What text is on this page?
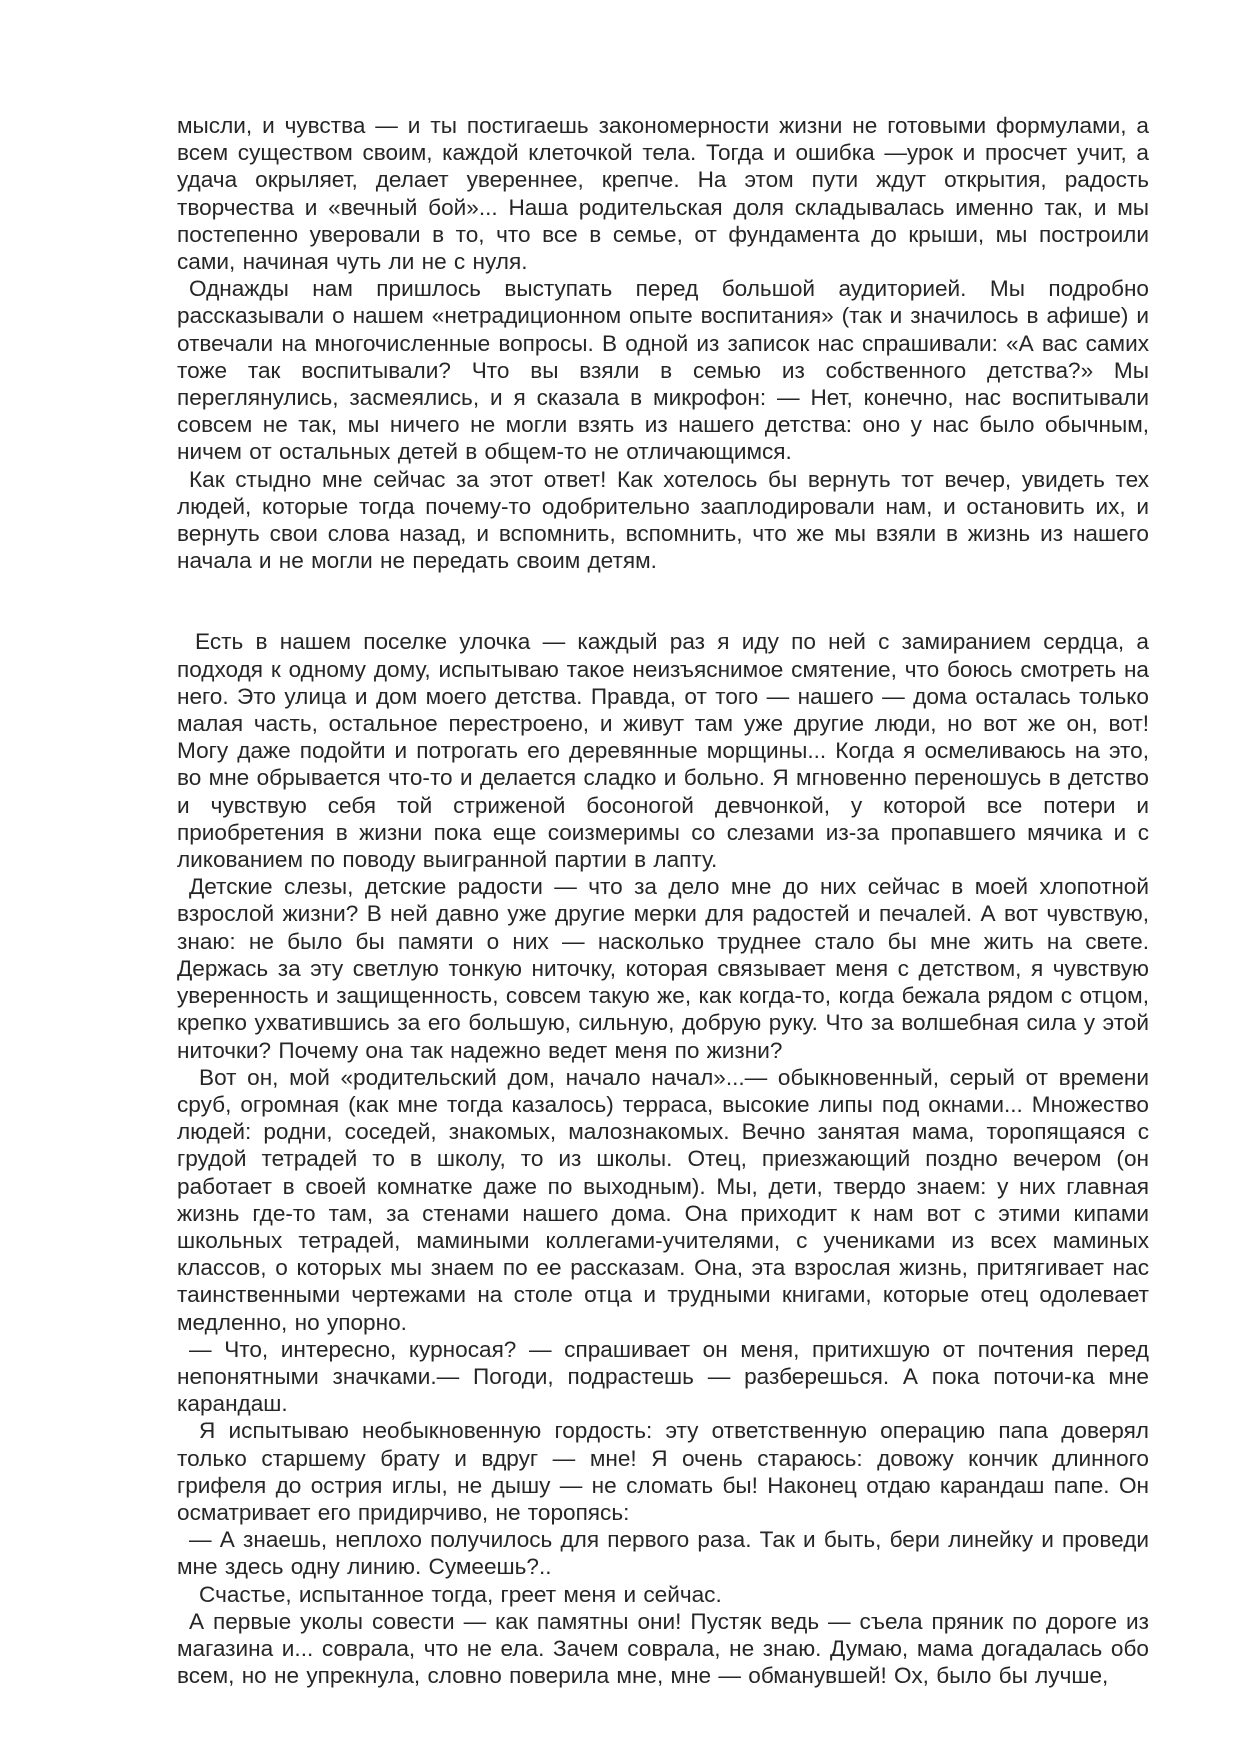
мысли, и чувства — и ты постигаешь закономерности жизни не готовыми формулами, а всем существом своим, каждой клеточкой тела. Тогда и ошибка —урок и просчет учит, а удача окрыляет, делает увереннее, крепче. На этом пути ждут открытия, радость творчества и «вечный бой»... Наша родительская доля складывалась именно так, и мы постепенно уверовали в то, что все в семье, от фундамента до крыши, мы построили сами, начиная чуть ли не с нуля.

Однажды нам пришлось выступать перед большой аудиторией. Мы подробно рассказывали о нашем «нетрадиционном опыте воспитания» (так и значилось в афише) и отвечали на многочисленные вопросы. В одной из записок нас спрашивали: «А вас самих тоже так воспитывали? Что вы взяли в семью из собственного детства?» Мы переглянулись, засмеялись, и я сказала в микрофон: — Нет, конечно, нас воспитывали совсем не так, мы ничего не могли взять из нашего детства: оно у нас было обычным, ничем от остальных детей в общем-то не отличающимся.

Как стыдно мне сейчас за этот ответ! Как хотелось бы вернуть тот вечер, увидеть тех людей, которые тогда почему-то одобрительно зааплодировали нам, и остановить их, и вернуть свои слова назад, и вспомнить, вспомнить, что же мы взяли в жизнь из нашего начала и не могли не передать своим детям.

Есть в нашем поселке улочка — каждый раз я иду по ней с замиранием сердца, а подходя к одному дому, испытываю такое неизъяснимое смятение, что боюсь смотреть на него. Это улица и дом моего детства. Правда, от того — нашего — дома осталась только малая часть, остальное перестроено, и живут там уже другие люди, но вот же он, вот! Могу даже подойти и потрогать его деревянные морщины... Когда я осмеливаюсь на это, во мне обрывается что-то и делается сладко и больно. Я мгновенно переношусь в детство и чувствую себя той стриженой босоногой девчонкой, у которой все потери и приобретения в жизни пока еще соизмеримы со слезами из-за пропавшего мячика и с ликованием по поводу выигранной партии в лапту.

Детские слезы, детские радости — что за дело мне до них сейчас в моей хлопотной взрослой жизни? В ней давно уже другие мерки для радостей и печалей. А вот чувствую, знаю: не было бы памяти о них — насколько труднее стало бы мне жить на свете. Держась за эту светлую тонкую ниточку, которая связывает меня с детством, я чувствую уверенность и защищенность, совсем такую же, как когда-то, когда бежала рядом с отцом, крепко ухватившись за его большую, сильную, добрую руку. Что за волшебная сила у этой ниточки? Почему она так надежно ведет меня по жизни?

Вот он, мой «родительский дом, начало начал»...— обыкновенный, серый от времени сруб, огромная (как мне тогда казалось) терраса, высокие липы под окнами... Множество людей: родни, соседей, знакомых, малознакомых. Вечно занятая мама, торопящаяся с грудой тетрадей то в школу, то из школы. Отец, приезжающий поздно вечером (он работает в своей комнатке даже по выходным). Мы, дети, твердо знаем: у них главная жизнь где-то там, за стенами нашего дома. Она приходит к нам вот с этими кипами школьных тетрадей, мамиными коллегами-учителями, с учениками из всех маминых классов, о которых мы знаем по ее рассказам. Она, эта взрослая жизнь, притягивает нас таинственными чертежами на столе отца и трудными книгами, которые отец одолевает медленно, но упорно.

— Что, интересно, курносая? — спрашивает он меня, притихшую от почтения перед непонятными значками.— Погоди, подрастешь — разберешься. А пока поточи-ка мне карандаш.

Я испытываю необыкновенную гордость: эту ответственную операцию папа доверял только старшему брату и вдруг — мне! Я очень стараюсь: довожу кончик длинного грифеля до острия иглы, не дышу — не сломать бы! Наконец отдаю карандаш папе. Он осматривает его придирчиво, не торопясь:

— А знаешь, неплохо получилось для первого раза. Так и быть, бери линейку и проведи мне здесь одну линию. Сумеешь?..

Счастье, испытанное тогда, греет меня и сейчас.

А первые уколы совести — как памятны они! Пустяк ведь — съела пряник по дороге из магазина и... соврала, что не ела. Зачем соврала, не знаю. Думаю, мама догадалась обо всем, но не упрекнула, словно поверила мне, мне — обманувшей! Ох, было бы лучше,
